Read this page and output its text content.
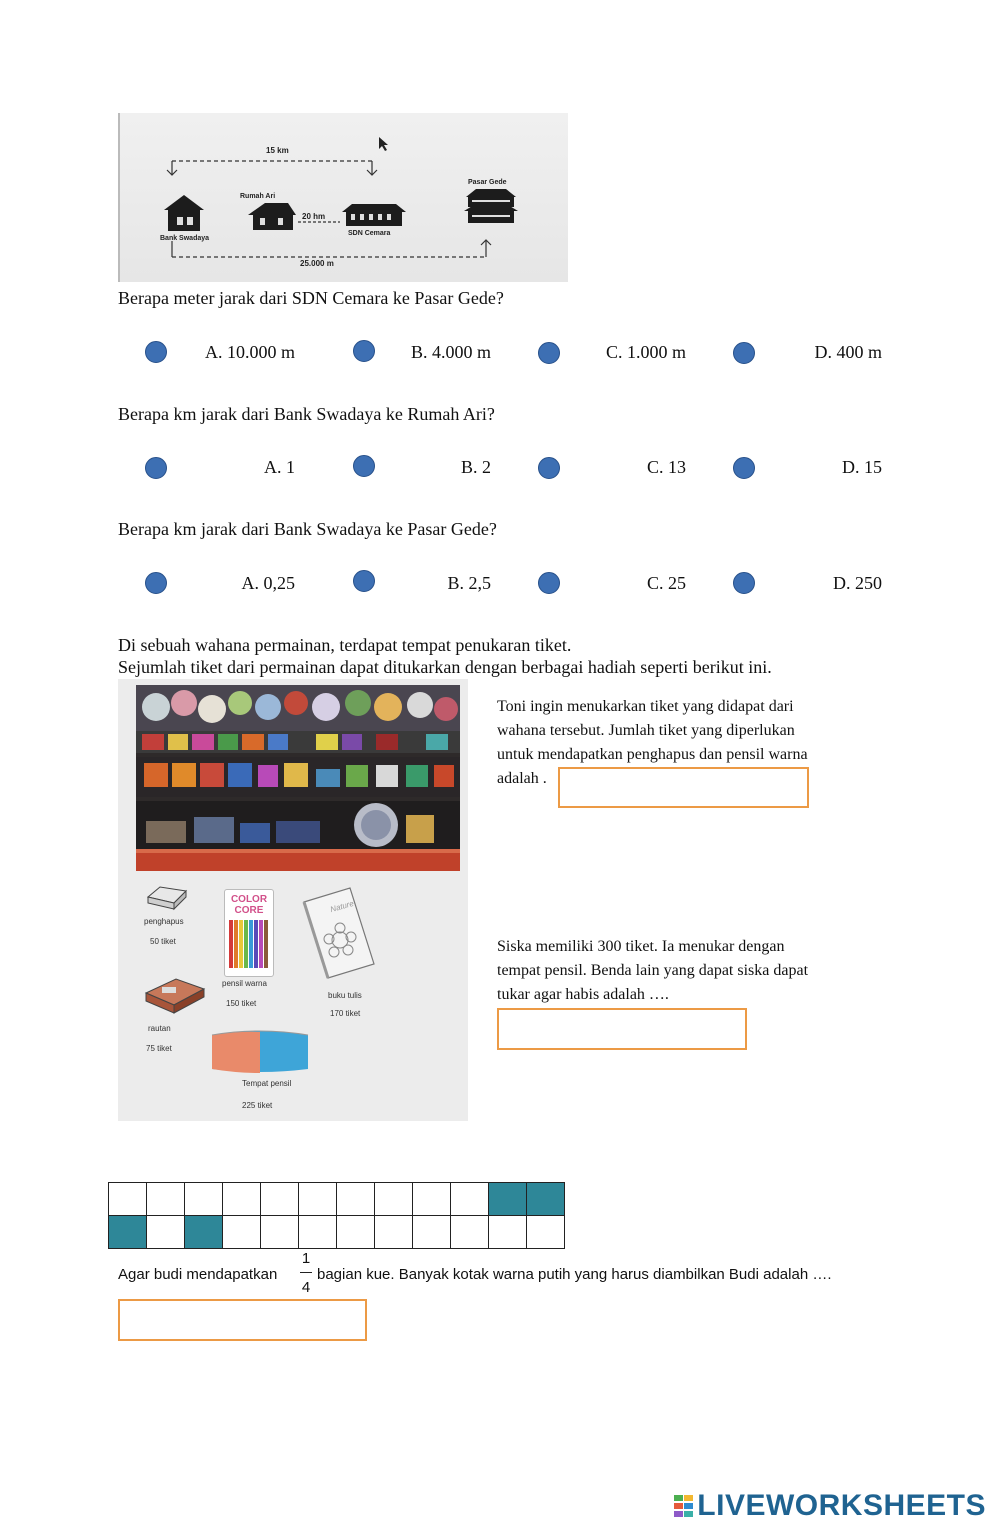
15 km
Rumah Ari
20 hm
SDN Cemara
Pasar Gede
Bank Swadaya
25.000 m
Berapa meter jarak dari SDN Cemara ke Pasar Gede?
A. 10.000 m	B. 4.000 m	C. 1.000 m	D. 400 m
Berapa km jarak dari Bank Swadaya ke Rumah Ari?
A. 1	B. 2	C. 13	D. 15
Berapa km jarak dari Bank Swadaya ke Pasar Gede?
A. 0,25	B. 2,5	C. 25	D. 250
Di sebuah wahana permainan, terdapat tempat penukaran tiket.
Sejumlah tiket dari permainan dapat ditukarkan dengan berbagai hadiah seperti berikut ini.
penghapus
50 tiket
COLOR CORE
pensil warna
150 tiket
Nature
buku tulis
170 tiket
rautan
75 tiket
Tempat pensil
225 tiket
Toni ingin menukarkan tiket yang didapat dari
wahana tersebut. Jumlah tiket yang diperlukan
untuk mendapatkan penghapus dan pensil warna
adalah .
Siska memiliki 300 tiket. Ia menukar dengan
tempat pensil. Benda lain yang dapat siska dapat
tukar agar habis adalah ….

Agar budi mendapatkan
1
4
bagian kue. Banyak kotak warna putih yang harus diambilkan Budi adalah ….
LIVEWORKSHEETS
